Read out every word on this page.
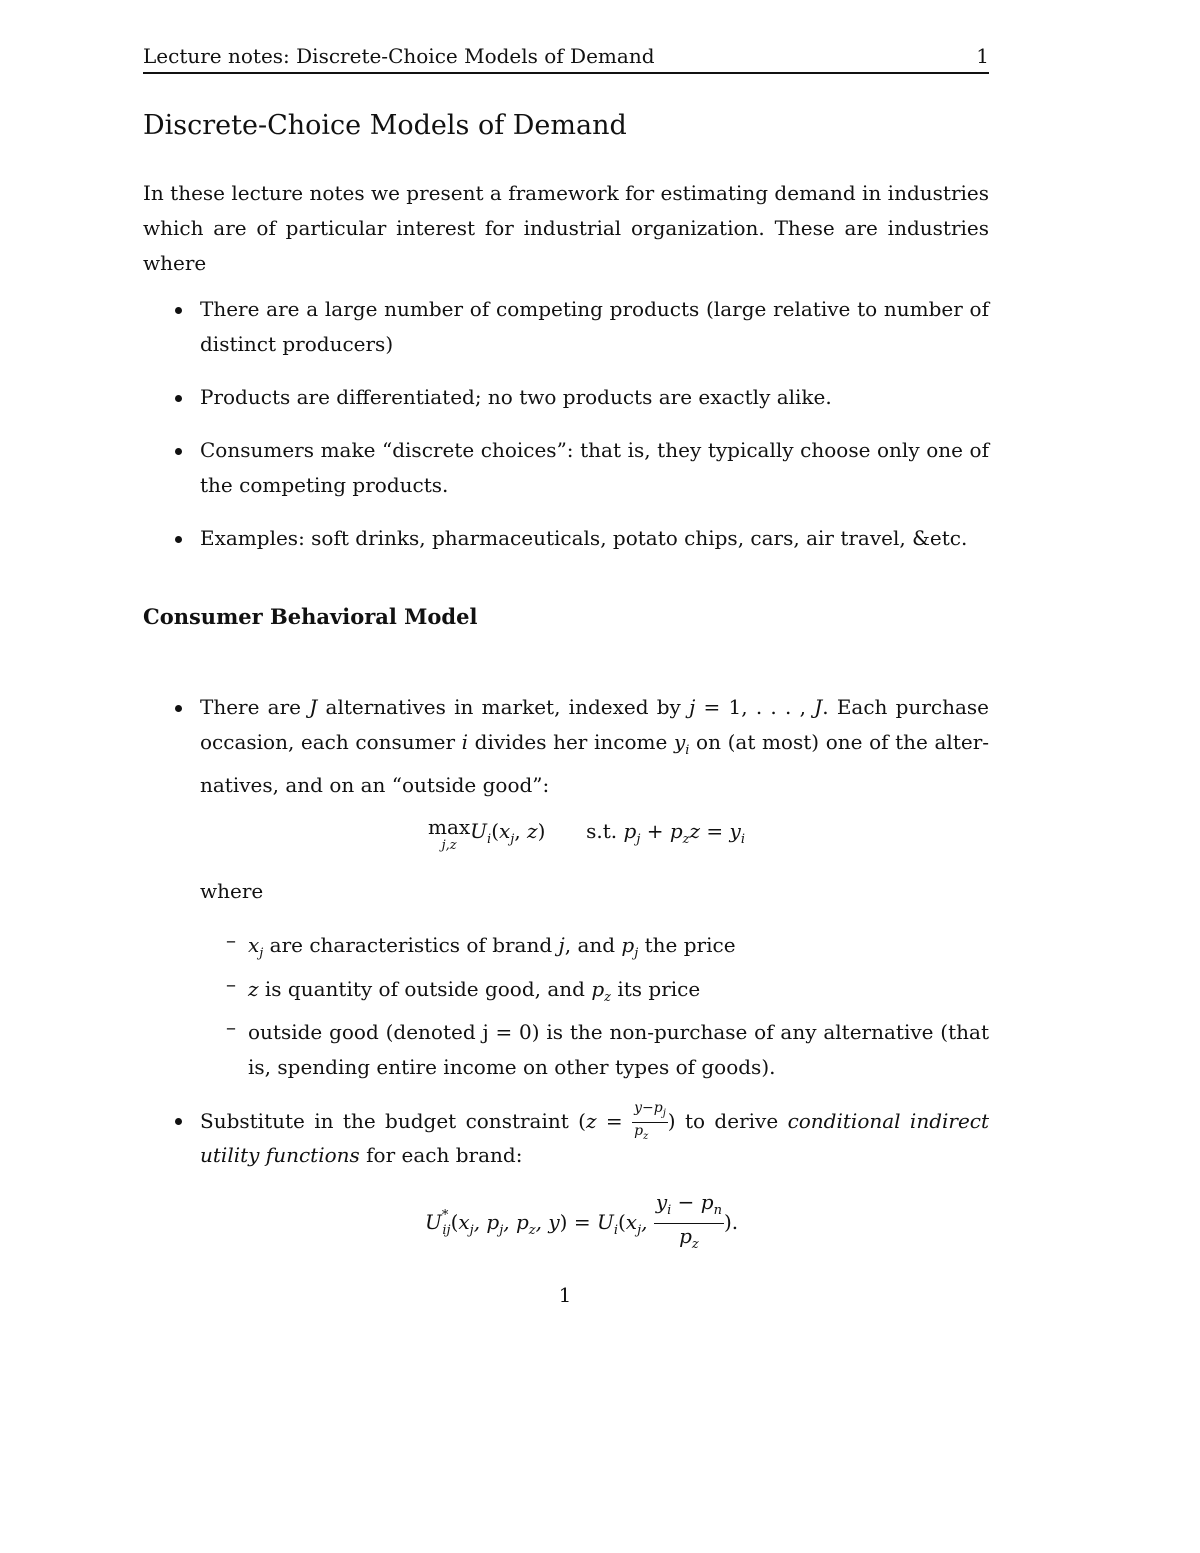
Lecture notes: Discrete-Choice Models of Demand	1
Discrete-Choice Models of Demand
In these lecture notes we present a framework for estimating demand in industries
which are of particular interest for industrial organization. These are industries where
There are a large number of competing products (large relative to number of
distinct producers)
Products are differentiated; no two products are exactly alike.
Consumers make “discrete choices”: that is, they typically choose only one of
the competing products.
Examples: soft drinks, pharmaceuticals, potato chips, cars, air travel, &etc.
Consumer Behavioral Model
There are J alternatives in market, indexed by j = 1, . . . , J. Each purchase
occasion, each consumer i divides her income $y_i$ on (at most) one of the alter-
natives, and on an “outside good”:
max
j,z
$U_i(x_j$, z) s.t. $p_j + p_zz = y_i$
where
– $x_j$ are characteristics of brand j, and $p_j$ the price
– z is quantity of outside good, and $p_z$ its price
– outside good (denoted j = 0) is the non-purchase of any alternative (that
is, spending entire income on other types of goods).
Substitute in the budget constraint ($z = \frac{y-p_j}{p_z}$ ) to derive conditional indirect
utility functions for each brand:
$U^*_{ij}(x_j$, $p_j$, $p_z$, $y) = U_i(x_j$, $\frac{y_i - p_n}{p_z}$ ).
1
